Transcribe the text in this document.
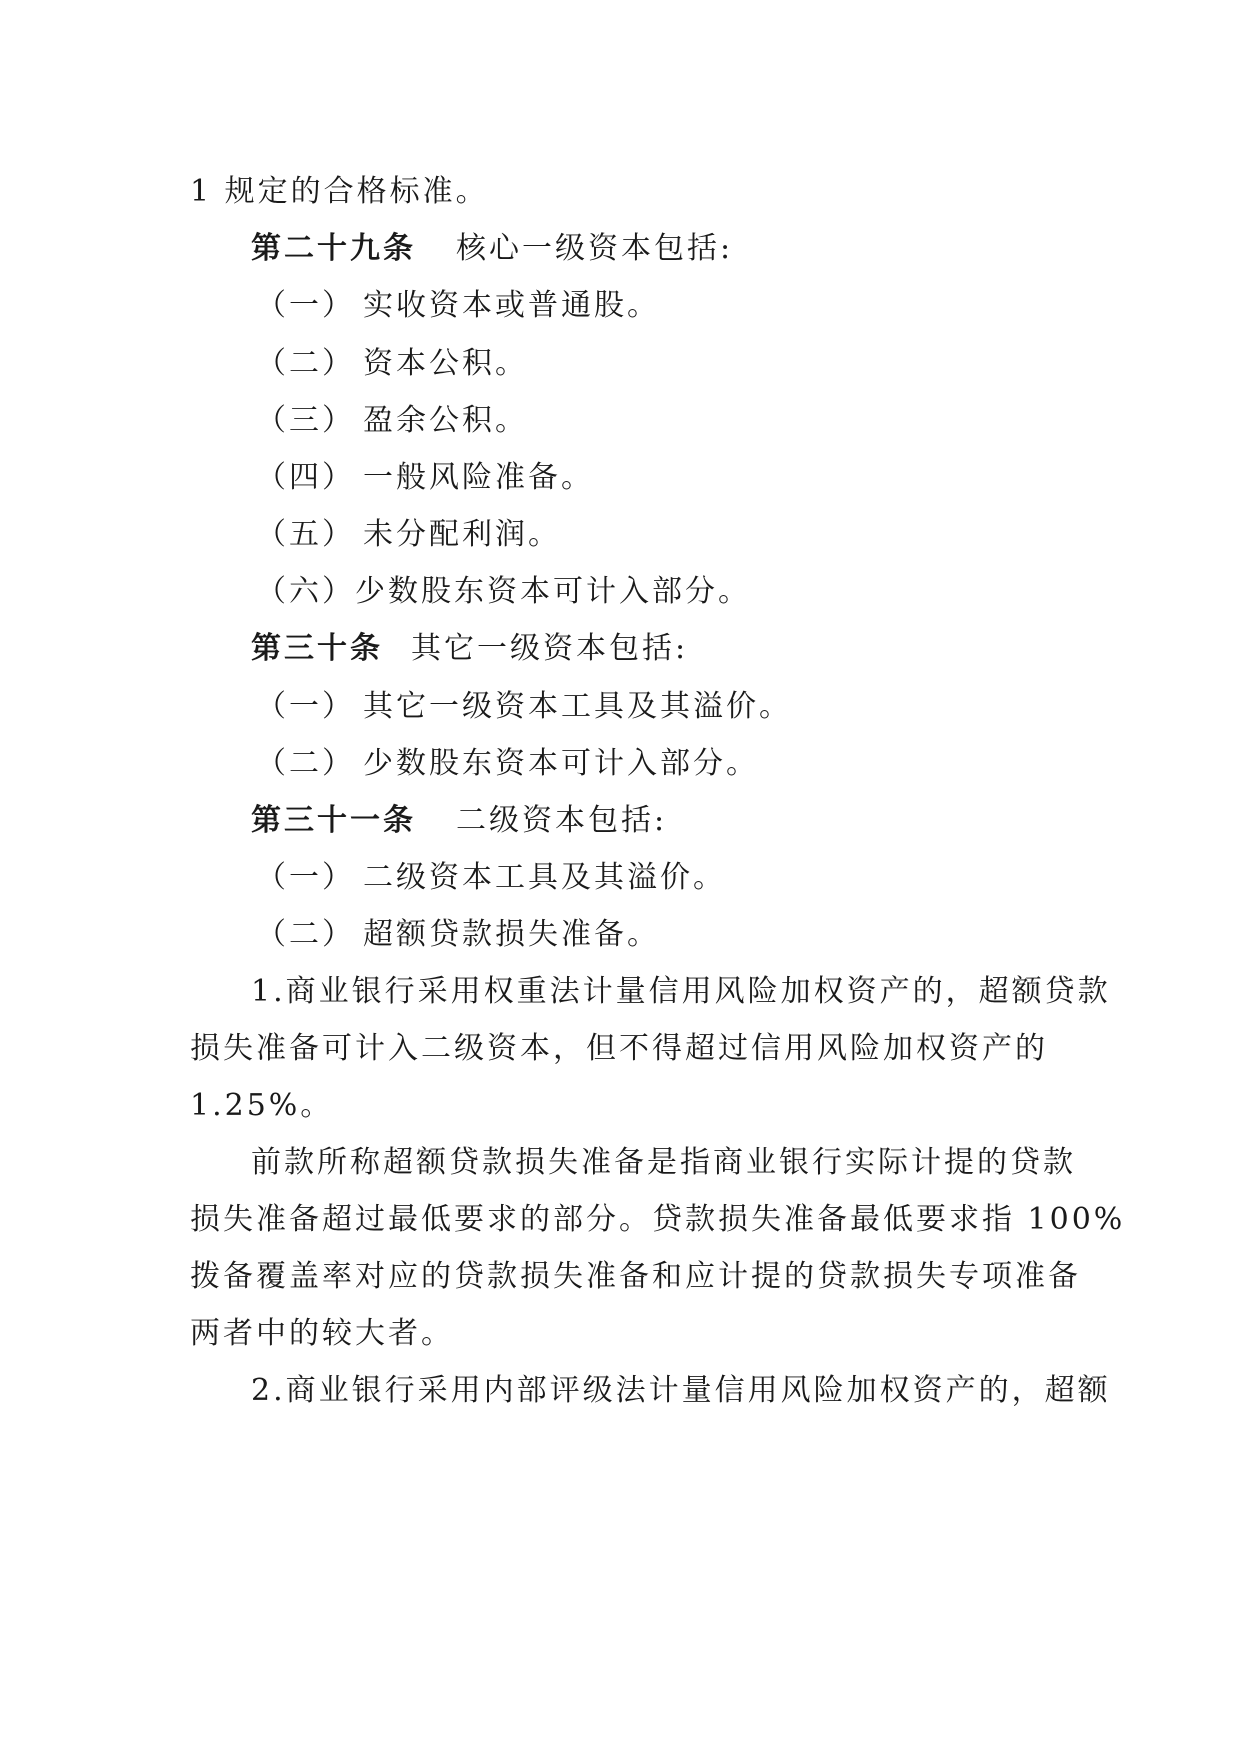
1 规定的合格标准。
第二十九条 核心一级资本包括:
（一） 实收资本或普通股。
（二） 资本公积。
（三） 盈余公积。
（四） 一般风险准备。
（五） 未分配利润。
（六）少数股东资本可计入部分。
第三十条 其它一级资本包括:
（一） 其它一级资本工具及其溢价。
（二） 少数股东资本可计入部分。
第三十一条 二级资本包括:
（一） 二级资本工具及其溢价。
（二） 超额贷款损失准备。
1.商业银行采用权重法计量信用风险加权资产的，超额贷款
损失准备可计入二级资本，但不得超过信用风险加权资产的
1.25%。
前款所称超额贷款损失准备是指商业银行实际计提的贷款
损失准备超过最低要求的部分。贷款损失准备最低要求指 100%
拨备覆盖率对应的贷款损失准备和应计提的贷款损失专项准备
两者中的较大者。
2.商业银行采用内部评级法计量信用风险加权资产的，超额
